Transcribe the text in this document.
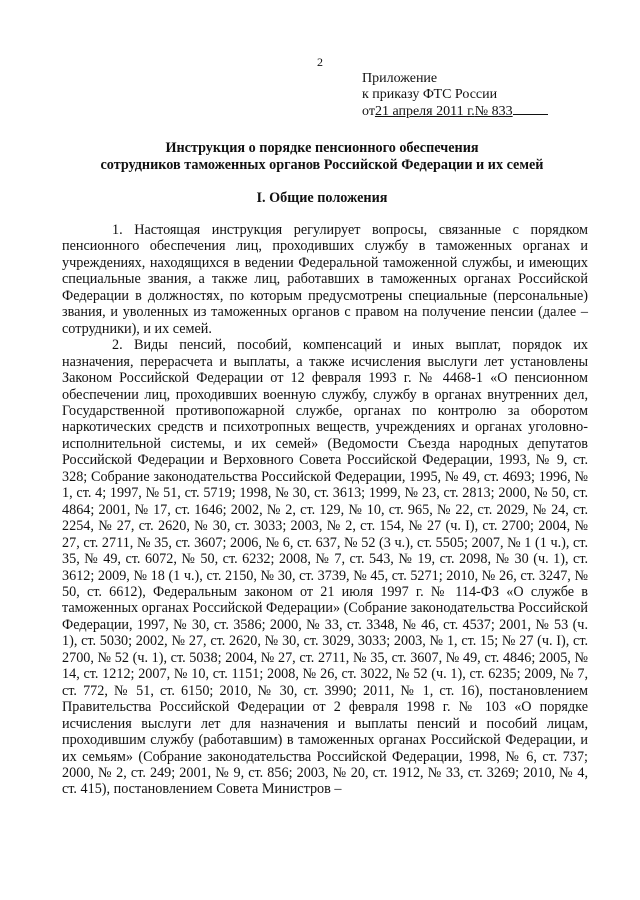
2
Приложение
к приказу ФТС России
от21 апреля 2011 г.№ 833
Инструкция о порядке пенсионного обеспечения
сотрудников таможенных органов Российской Федерации и их семей
I. Общие положения

1. Настоящая инструкция регулирует вопросы, связанные с порядком пенсионного обеспечения лиц, проходивших службу в таможенных органах и учреждениях, находящихся в ведении Федеральной таможенной службы, и имеющих специальные звания, а также лиц, работавших в таможенных органах Российской Федерации в должностях, по которым предусмотрены специальные (персональные) звания, и уволенных из таможенных органов с правом на получение пенсии (далее – сотрудники), и их семей.

2. Виды пенсий, пособий, компенсаций и иных выплат, порядок их назначения, перерасчета и выплаты, а также исчисления выслуги лет установлены Законом Российской Федерации от 12 февраля 1993 г. № 4468-1 «О пенсионном обеспечении лиц, проходивших военную службу, службу в органах внутренних дел, Государственной противопожарной службе, органах по контролю за оборотом наркотических средств и психотропных веществ, учреждениях и органах уголовно-исполнительной системы, и их семей» (Ведомости Съезда народных депутатов Российской Федерации и Верховного Совета Российской Федерации, 1993, № 9, ст. 328; Собрание законодательства Российской Федерации, 1995, № 49, ст. 4693; 1996, № 1, ст. 4; 1997, № 51, ст. 5719; 1998, № 30, ст. 3613; 1999, № 23, ст. 2813; 2000, № 50, ст. 4864; 2001, № 17, ст. 1646; 2002, № 2, ст. 129, № 10, ст. 965, № 22, ст. 2029, № 24, ст. 2254, № 27, ст. 2620, № 30, ст. 3033; 2003, № 2, ст. 154, № 27 (ч. I), ст. 2700; 2004, № 27, ст. 2711, № 35, ст. 3607; 2006, № 6, ст. 637, № 52 (3 ч.), ст. 5505; 2007, № 1 (1 ч.), ст. 35, № 49, ст. 6072, № 50, ст. 6232; 2008, № 7, ст. 543, № 19, ст. 2098, № 30 (ч. 1), ст. 3612; 2009, № 18 (1 ч.), ст. 2150, № 30, ст. 3739, № 45, ст. 5271; 2010, № 26, ст. 3247, № 50, ст. 6612), Федеральным законом от 21 июля 1997 г. № 114-ФЗ «О службе в таможенных органах Российской Федерации» (Собрание законодательства Российской Федерации, 1997, № 30, ст. 3586; 2000, № 33, ст. 3348, № 46, ст. 4537; 2001, № 53 (ч. 1), ст. 5030; 2002, № 27, ст. 2620, № 30, ст. 3029, 3033; 2003, № 1, ст. 15; № 27 (ч. I), ст. 2700, № 52 (ч. 1), ст. 5038; 2004, № 27, ст. 2711, № 35, ст. 3607, № 49, ст. 4846; 2005, № 14, ст. 1212; 2007, № 10, ст. 1151; 2008, № 26, ст. 3022, № 52 (ч. 1), ст. 6235; 2009, № 7, ст. 772, № 51, ст. 6150; 2010, № 30, ст. 3990; 2011, № 1, ст. 16), постановлением Правительства Российской Федерации от 2 февраля 1998 г. № 103 «О порядке исчисления выслуги лет для назначения и выплаты пенсий и пособий лицам, проходившим службу (работавшим) в таможенных органах Российской Федерации, и их семьям» (Собрание законодательства Российской Федерации, 1998, № 6, ст. 737; 2000, № 2, ст. 249; 2001, № 9, ст. 856; 2003, № 20, ст. 1912, № 33, ст. 3269; 2010, № 4, ст. 415), постановлением Совета Министров –
